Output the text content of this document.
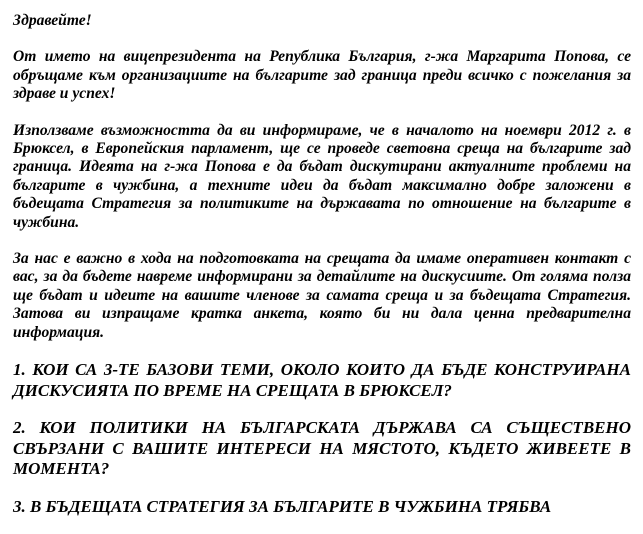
Здравейте!

От името на вицепрезидента на Република България, г-жа Маргарита Попова, се обръщаме към организациите на българите зад граница преди всичко с пожелания за здраве и успех!

Използваме възможността да ви информираме, че в началото на ноември 2012 г. в Брюксел, в Европейския парламент, ще се проведе световна среща на българите зад граница. Идеята на г-жа Попова е да бъдат дискутирани актуалните проблеми на българите в чужбина, а техните идеи да бъдат максимално добре заложени в бъдещата Стратегия за политиките на държавата по отношение на българите в чужбина.

За нас е важно в хода на подготовката на срещата да имаме оперативен контакт с вас, за да бъдете навреме информирани за детайлите на дискусиите. От голяма полза ще бъдат и идеите на вашите членове за самата среща и за бъдещата Стратегия. Затова ви изпращаме кратка анкета, която би ни дала ценна предварителна информация.

1. КОИ СА 3-ТЕ БАЗОВИ ТЕМИ, ОКОЛО КОИТО ДА БЪДЕ КОНСТРУИРАНА ДИСКУСИЯТА ПО ВРЕМЕ НА СРЕЩАТА В БРЮКСЕЛ?

2. КОИ ПОЛИТИКИ НА БЪЛГАРСКАТА ДЪРЖАВА СА СЪЩЕСТВЕНО СВЪРЗАНИ С ВАШИТЕ ИНТЕРЕСИ НА МЯСТОТО, КЪДЕТО ЖИВЕЕТЕ В МОМЕНТА?

3. В БЪДЕЩАТА СТРАТЕГИЯ ЗА БЪЛГАРИТЕ В ЧУЖБИНА ТРЯБВА
